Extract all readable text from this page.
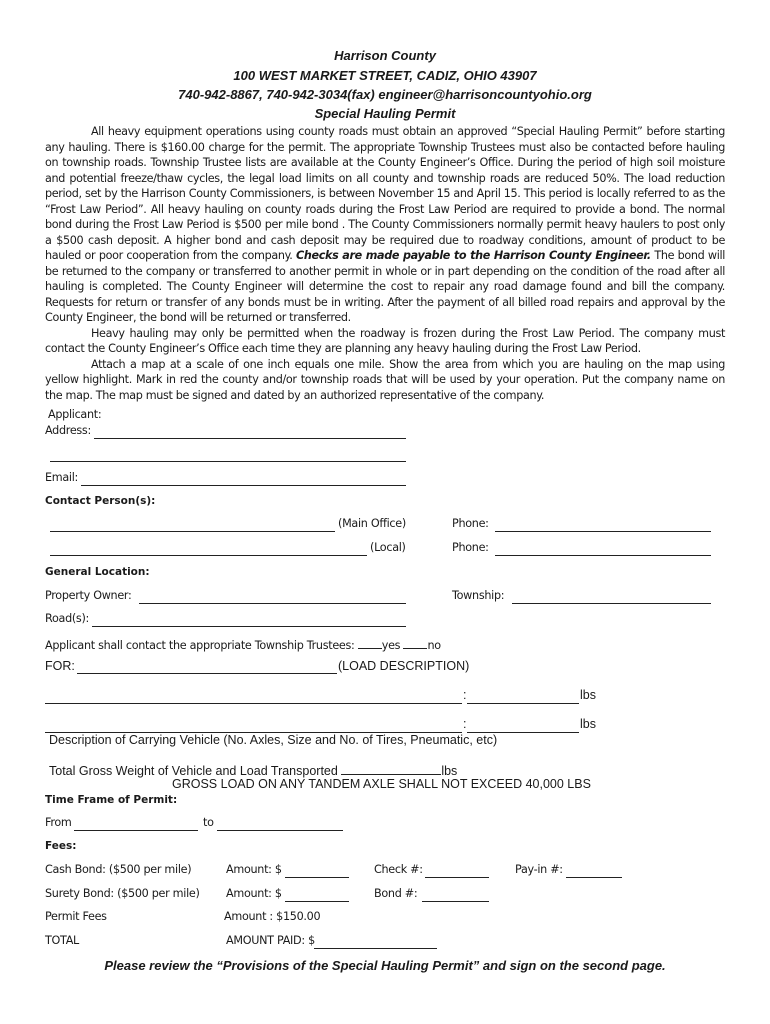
Harrison County
100 WEST MARKET STREET, CADIZ, OHIO 43907
740-942-8867, 740-942-3034(fax) engineer@harrisoncountyohio.org
Special Hauling Permit

All heavy equipment operations using county roads must obtain an approved “Special Hauling Permit” before starting any hauling. There is $160.00 charge for the permit. The appropriate Township Trustees must also be contacted before hauling on township roads. Township Trustee lists are available at the County Engineer’s Office. During the period of high soil moisture and potential freeze/thaw cycles, the legal load limits on all county and township roads are reduced 50%. The load reduction period, set by the Harrison County Commissioners, is between November 15 and April 15. This period is locally referred to as the “Frost Law Period”. All heavy hauling on county roads during the Frost Law Period are required to provide a bond. The normal bond during the Frost Law Period is $500 per mile bond . The County Commissioners normally permit heavy haulers to post only a $500 cash deposit. A higher bond and cash deposit may be required due to roadway conditions, amount of product to be hauled or poor cooperation from the company. Checks are made payable to the Harrison County Engineer. The bond will be returned to the company or transferred to another permit in whole or in part depending on the condition of the road after all hauling is completed. The County Engineer will determine the cost to repair any road damage found and bill the company. Requests for return or transfer of any bonds must be in writing. After the payment of all billed road repairs and approval by the County Engineer, the bond will be returned or transferred.

Heavy hauling may only be permitted when the roadway is frozen during the Frost Law Period. The company must contact the County Engineer’s Office each time they are planning any heavy hauling during the Frost Law Period.

Attach a map at a scale of one inch equals one mile. Show the area from which you are hauling on the map using yellow highlight. Mark in red the county and/or township roads that will be used by your operation. Put the company name on the map. The map must be signed and dated by an authorized representative of the company.

Applicant:
Address:
Email:
Contact Person(s):
(Main Office)	Phone:
(Local)	Phone:
General Location:
Property Owner:	Township:
Road(s):
Applicant shall contact the appropriate Township Trustees: yes no
FOR:	(LOAD DESCRIPTION)
:	lbs
:	lbs
Description of Carrying Vehicle (No. Axles, Size and No. of Tires, Pneumatic, etc)
Total Gross Weight of Vehicle and Load Transported	lbs
GROSS LOAD ON ANY TANDEM AXLE SHALL NOT EXCEED 40,000 LBS
Time Frame of Permit:
From	to
Fees:
Cash Bond: ($500 per mile)	Amount: $	Check #:	Pay-in #:
Surety Bond: ($500 per mile) Amount: $	Bond #:
Permit Fees	Amount : $150.00
TOTAL	AMOUNT PAID: $
Please review the “Provisions of the Special Hauling Permit” and sign on the second page.
